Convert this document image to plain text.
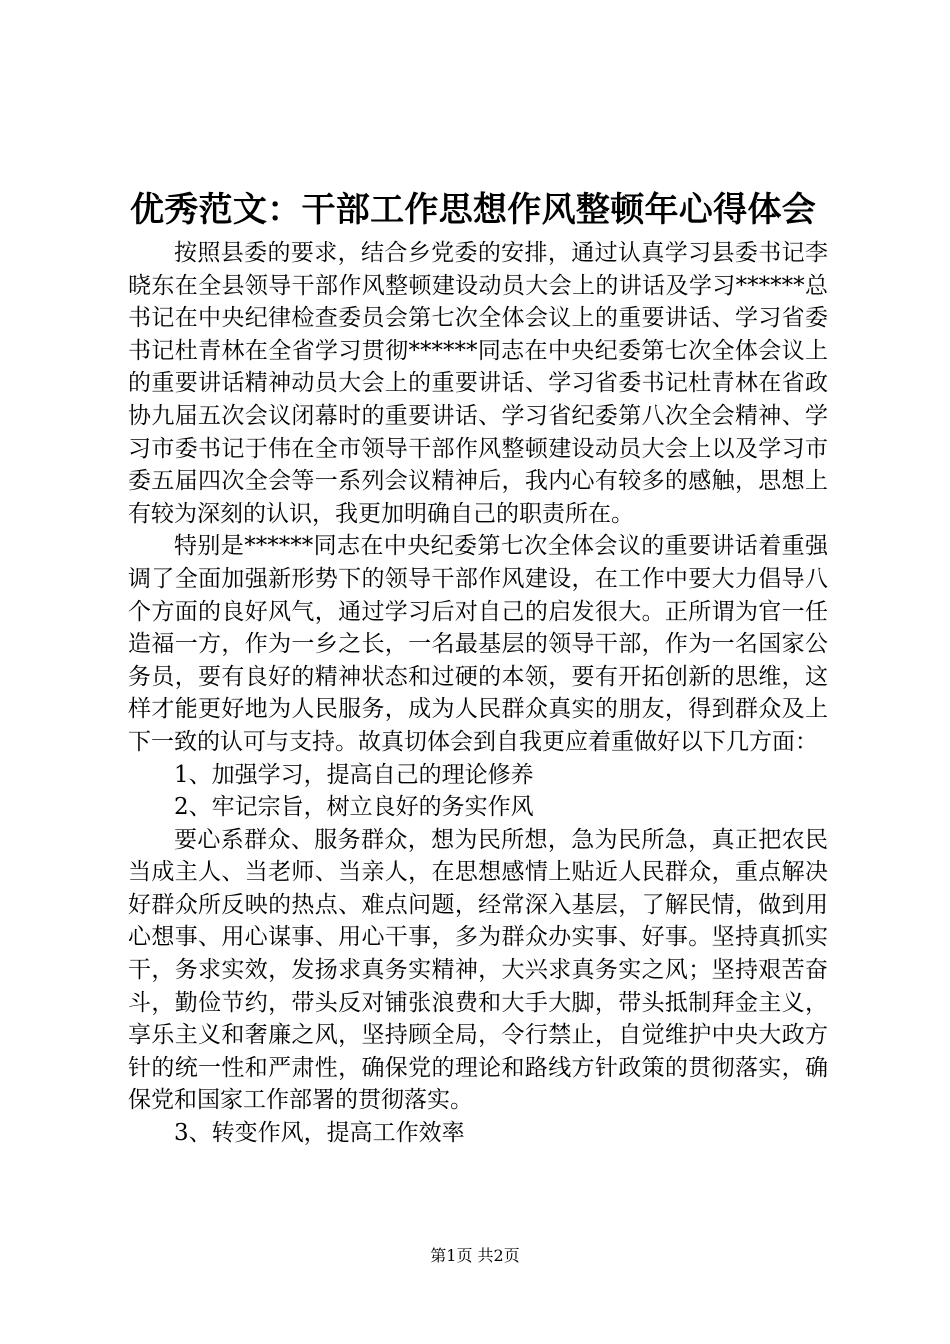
优秀范文：干部工作思想作风整顿年心得体会

按照县委的要求，结合乡党委的安排，通过认真学习县委书记李晓东在全县领导干部作风整顿建设动员大会上的讲话及学习******总书记在中央纪律检查委员会第七次全体会议上的重要讲话、学习省委书记杜青林在全省学习贯彻******同志在中央纪委第七次全体会议上的重要讲话精神动员大会上的重要讲话、学习省委书记杜青林在省政协九届五次会议闭幕时的重要讲话、学习省纪委第八次全会精神、学习市委书记于伟在全市领导干部作风整顿建设动员大会上以及学习市委五届四次全会等一系列会议精神后，我内心有较多的感触，思想上有较为深刻的认识，我更加明确自己的职责所在。

特别是******同志在中央纪委第七次全体会议的重要讲话着重强调了全面加强新形势下的领导干部作风建设，在工作中要大力倡导八个方面的良好风气，通过学习后对自己的启发很大。正所谓为官一任造福一方，作为一乡之长，一名最基层的领导干部，作为一名国家公务员，要有良好的精神状态和过硬的本领，要有开拓创新的思维，这样才能更好地为人民服务，成为人民群众真实的朋友，得到群众及上下一致的认可与支持。故真切体会到自我更应着重做好以下几方面：

1、加强学习，提高自己的理论修养

2、牢记宗旨，树立良好的务实作风

要心系群众、服务群众，想为民所想，急为民所急，真正把农民当成主人、当老师、当亲人，在思想感情上贴近人民群众，重点解决好群众所反映的热点、难点问题，经常深入基层，了解民情，做到用心想事、用心谋事、用心干事，多为群众办实事、好事。坚持真抓实干，务求实效，发扬求真务实精神，大兴求真务实之风；坚持艰苦奋斗，勤俭节约，带头反对铺张浪费和大手大脚，带头抵制拜金主义，享乐主义和奢廉之风，坚持顾全局，令行禁止，自觉维护中央大政方针的统一性和严肃性，确保党的理论和路线方针政策的贯彻落实，确保党和国家工作部署的贯彻落实。

3、转变作风，提高工作效率

第1页 共2页
